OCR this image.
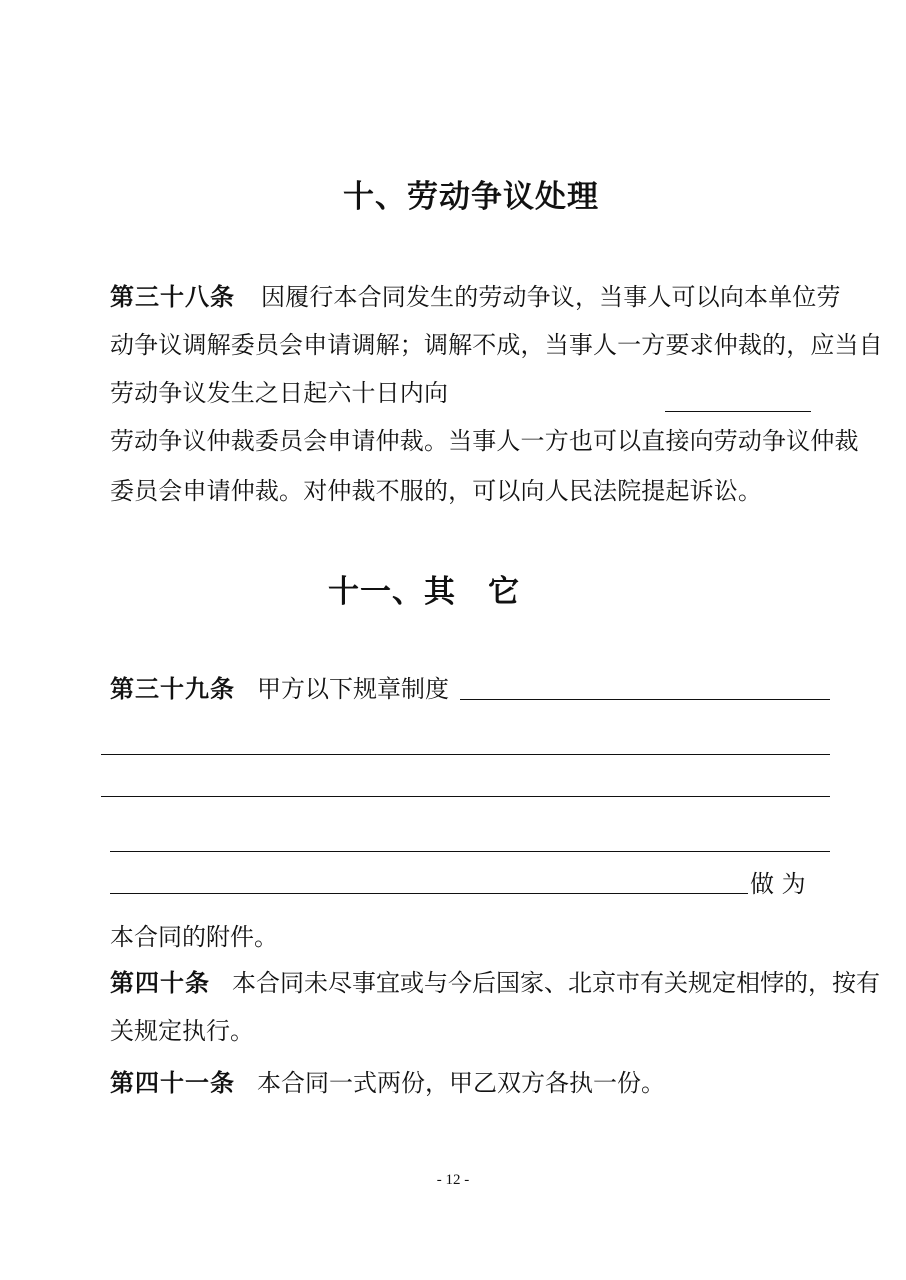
十、劳动争议处理
第三十八条 因履行本合同发生的劳动争议，当事人可以向本单位劳
动争议调解委员会申请调解；调解不成，当事人一方要求仲裁的，应当自
劳动争议发生之日起六十日内向
劳动争议仲裁委员会申请仲裁。当事人一方也可以直接向劳动争议仲裁
委员会申请仲裁。对仲裁不服的，可以向人民法院提起诉讼。
十一、其　它
第三十九条 甲方以下规章制度
做 为
本合同的附件。
第四十条 本合同未尽事宜或与今后国家、北京市有关规定相悖的，按有
关规定执行。
第四十一条 本合同一式两份，甲乙双方各执一份。
- 12 -
